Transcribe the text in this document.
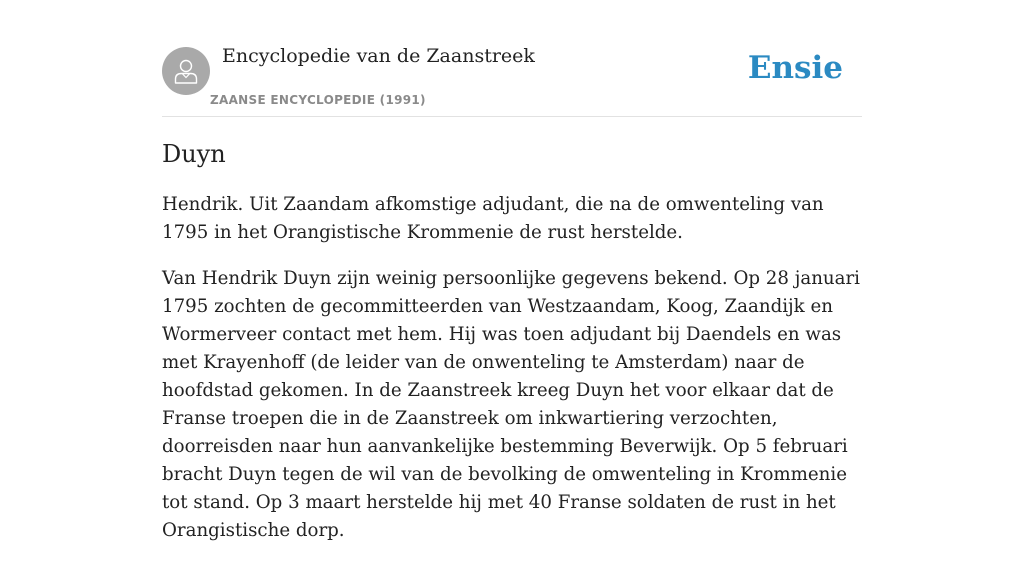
Encyclopedie van de Zaanstreek
ZAANSE ENCYCLOPEDIE (1991)
Ensie
Duyn

Hendrik. Uit Zaandam afkomstige adjudant, die na de omwenteling van 1795 in het Orangistische Krommenie de rust herstelde.

Van Hendrik Duyn zijn weinig persoonlijke gegevens bekend. Op 28 januari 1795 zochten de gecommitteerden van Westzaandam, Koog, Zaandijk en Wormerveer contact met hem. Hij was toen adjudant bij Daendels en was met Krayenhoff (de leider van de onwenteling te Amsterdam) naar de hoofdstad gekomen. In de Zaanstreek kreeg Duyn het voor elkaar dat de Franse troepen die in de Zaanstreek om inkwartiering verzochten, doorreisden naar hun aanvankelijke bestemming Beverwijk. Op 5 februari bracht Duyn tegen de wil van de bevolking de omwenteling in Krommenie tot stand. Op 3 maart herstelde hij met 40 Franse soldaten de rust in het Orangistische dorp.
